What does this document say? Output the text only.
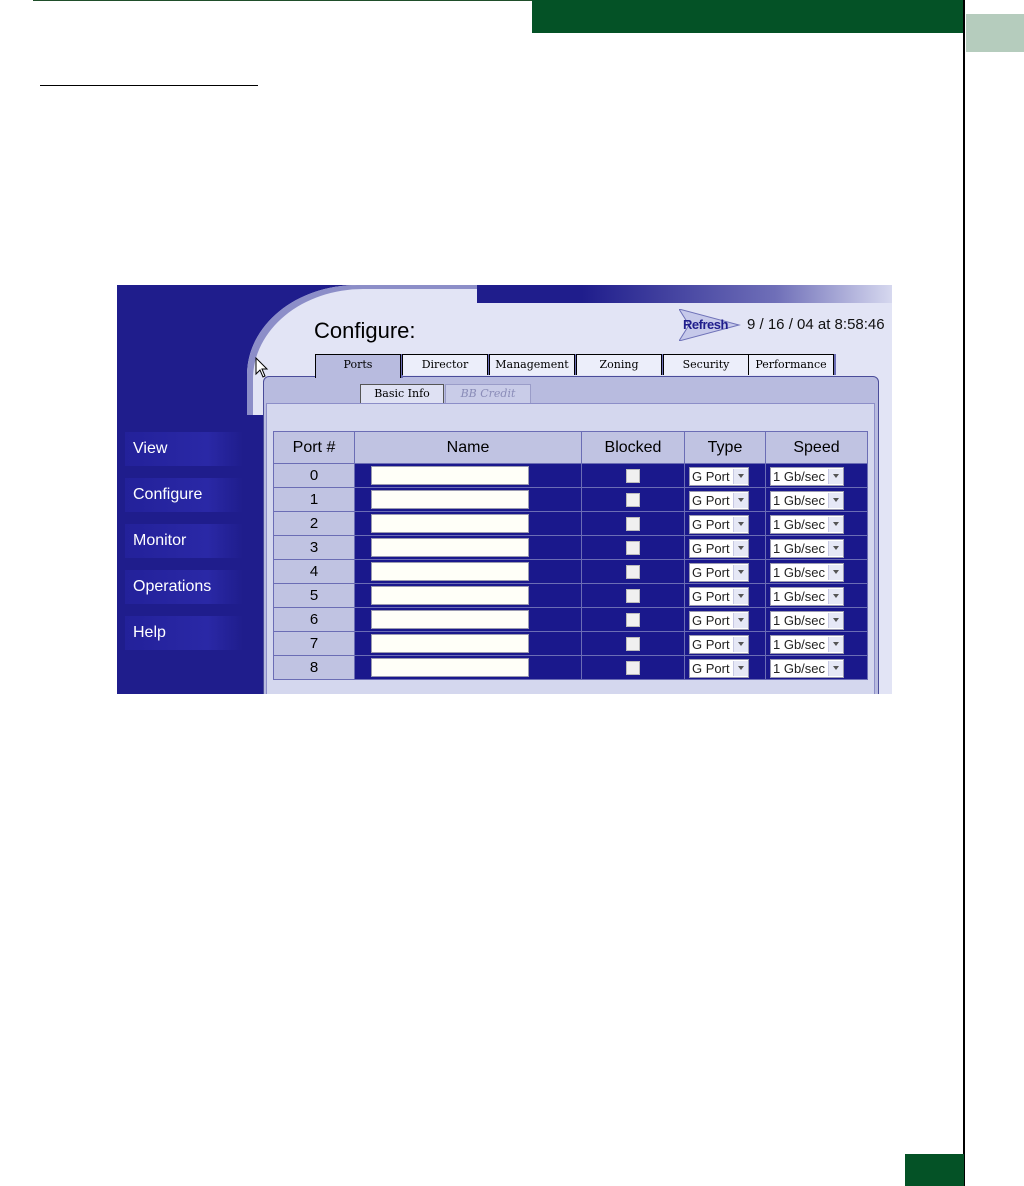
View
Configure
Monitor
Operations
Help
Configure:	Refresh 9 / 16 / 04 at 8:58:46
Ports	Director	Management	Zoning	Security	Performance
Basic Info	BB Credit
Port #	Name	Blocked	Type	Speed
0			G Port	1 Gb/sec

1			G Port	1 Gb/sec

2			G Port	1 Gb/sec

3			G Port	1 Gb/sec

4			G Port	1 Gb/sec

5			G Port	1 Gb/sec

6			G Port	1 Gb/sec

7			G Port	1 Gb/sec

8			G Port	1 Gb/sec
